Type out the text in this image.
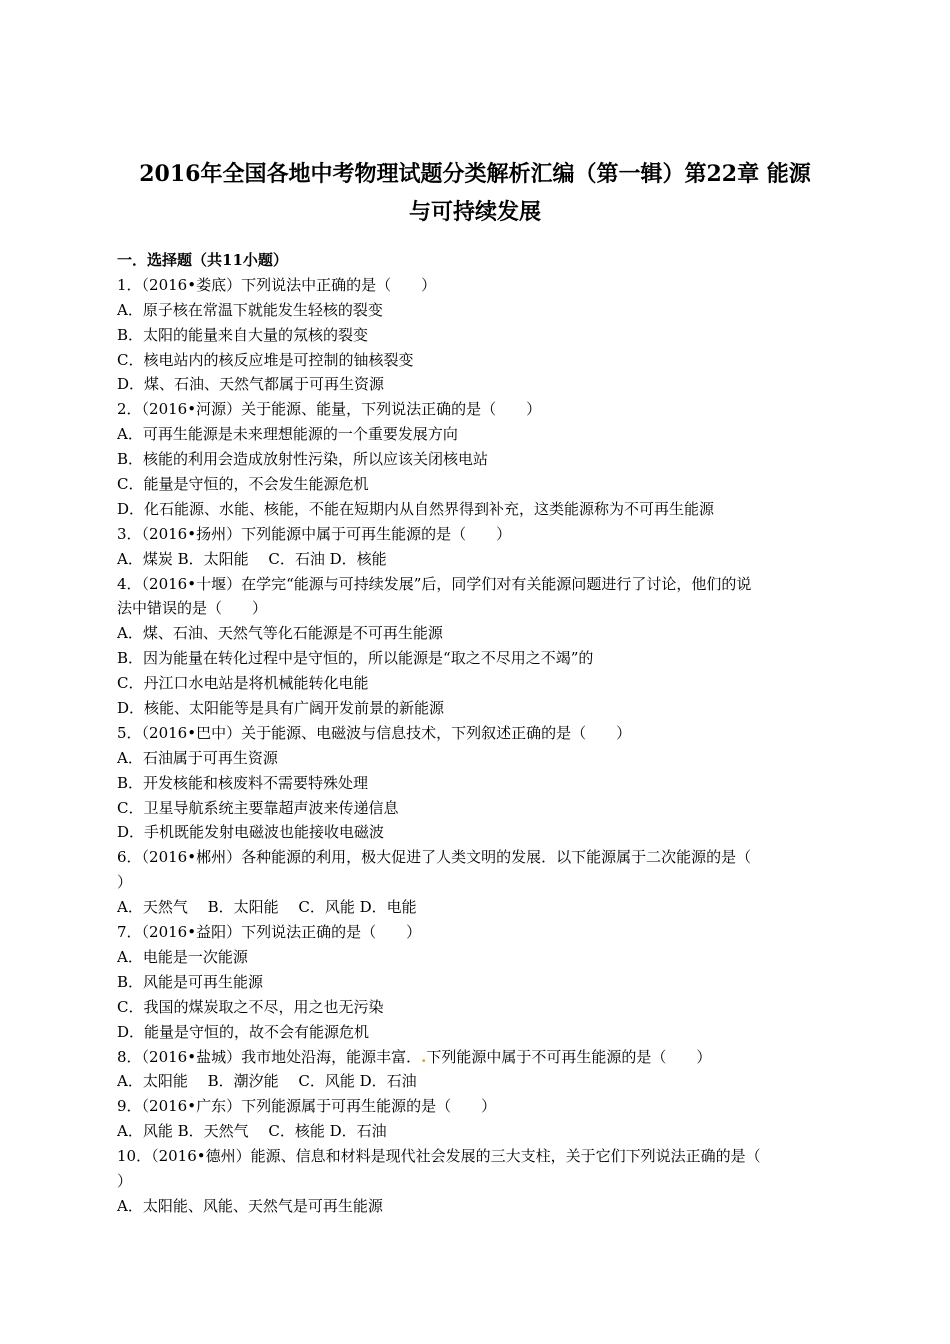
2016年全国各地中考物理试题分类解析汇编（第一辑）第22章 能源
与可持续发展
一．选择题（共11小题）
1．（2016•娄底）下列说法中正确的是（　　）
A．原子核在常温下就能发生轻核的裂变
B．太阳的能量来自大量的氖核的裂变
C．核电站内的核反应堆是可控制的铀核裂变
D．煤、石油、天然气都属于可再生资源
2．（2016•河源）关于能源、能量，下列说法正确的是（　　）
A．可再生能源是未来理想能源的一个重要发展方向
B．核能的利用会造成放射性污染，所以应该关闭核电站
C．能量是守恒的，不会发生能源危机
D．化石能源、水能、核能，不能在短期内从自然界得到补充，这类能源称为不可再生能源
3．（2016•扬州）下列能源中属于可再生能源的是（　　）
A．煤炭 B．太阳能　 C．石油 D．核能
4．（2016•十堰）在学完“能源与可持续发展”后，同学们对有关能源问题进行了讨论，他们的说
法中错误的是（　　）
A．煤、石油、天然气等化石能源是不可再生能源
B．因为能量在转化过程中是守恒的，所以能源是“取之不尽用之不竭”的
C．丹江口水电站是将机械能转化电能
D．核能、太阳能等是具有广阔开发前景的新能源
5．（2016•巴中）关于能源、电磁波与信息技术，下列叙述正确的是（　　）
A．石油属于可再生资源
B．开发核能和核废料不需要特殊处理
C．卫星导航系统主要靠超声波来传递信息
D．手机既能发射电磁波也能接收电磁波
6．（2016•郴州）各种能源的利用，极大促进了人类文明的发展．以下能源属于二次能源的是（
）
A．天然气　 B．太阳能　 C．风能 D．电能
7．（2016•益阳）下列说法正确的是（　　）
A．电能是一次能源
B．风能是可再生能源
C．我国的煤炭取之不尽，用之也无污染
D．能量是守恒的，故不会有能源危机
8．（2016•盐城）我市地处沿海，能源丰富．.下列能源中属于不可再生能源的是（　　）
A．太阳能　 B．潮汐能　 C．风能 D．石油
9．（2016•广东）下列能源属于可再生能源的是（　　）
A．风能 B．天然气　 C．核能 D．石油
10．（2016•德州）能源、信息和材料是现代社会发展的三大支柱，关于它们下列说法正确的是（
）
A．太阳能、风能、天然气是可再生能源
